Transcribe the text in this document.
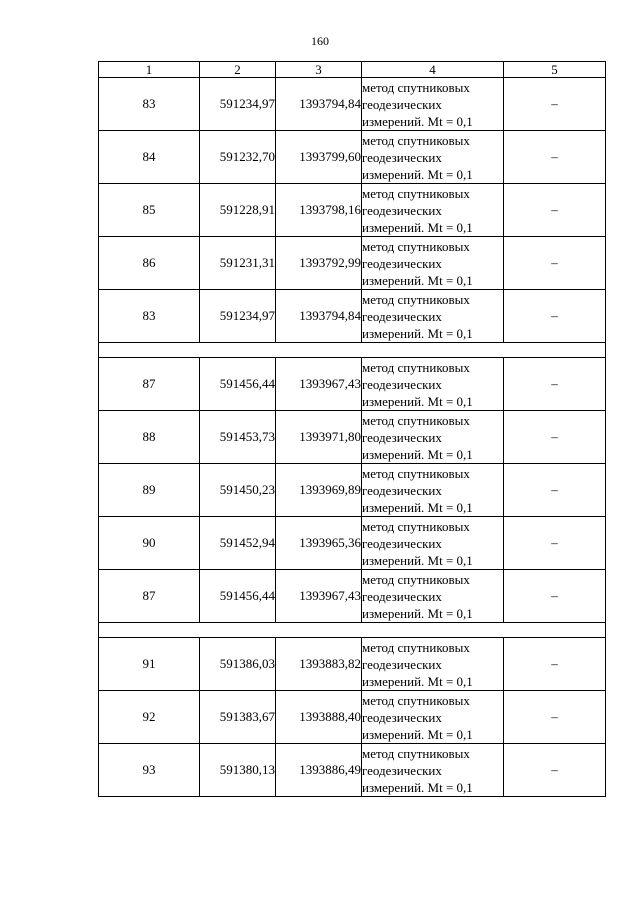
160
1	2	3	4	5
83	591234,97	1393794,84	метод спутниковых
геодезических
измерений. Mt = 0,1	–
84	591232,70	1393799,60	метод спутниковых
геодезических
измерений. Mt = 0,1	–
85	591228,91	1393798,16	метод спутниковых
геодезических
измерений. Mt = 0,1	–
86	591231,31	1393792,99	метод спутниковых
геодезических
измерений. Mt = 0,1	–
83	591234,97	1393794,84	метод спутниковых
геодезических
измерений. Mt = 0,1	–

87	591456,44	1393967,43	метод спутниковых
геодезических
измерений. Mt = 0,1	–
88	591453,73	1393971,80	метод спутниковых
геодезических
измерений. Mt = 0,1	–
89	591450,23	1393969,89	метод спутниковых
геодезических
измерений. Mt = 0,1	–
90	591452,94	1393965,36	метод спутниковых
геодезических
измерений. Mt = 0,1	–
87	591456,44	1393967,43	метод спутниковых
геодезических
измерений. Mt = 0,1	–

91	591386,03	1393883,82	метод спутниковых
геодезических
измерений. Mt = 0,1	–
92	591383,67	1393888,40	метод спутниковых
геодезических
измерений. Mt = 0,1	–
93	591380,13	1393886,49	метод спутниковых
геодезических
измерений. Mt = 0,1	–
